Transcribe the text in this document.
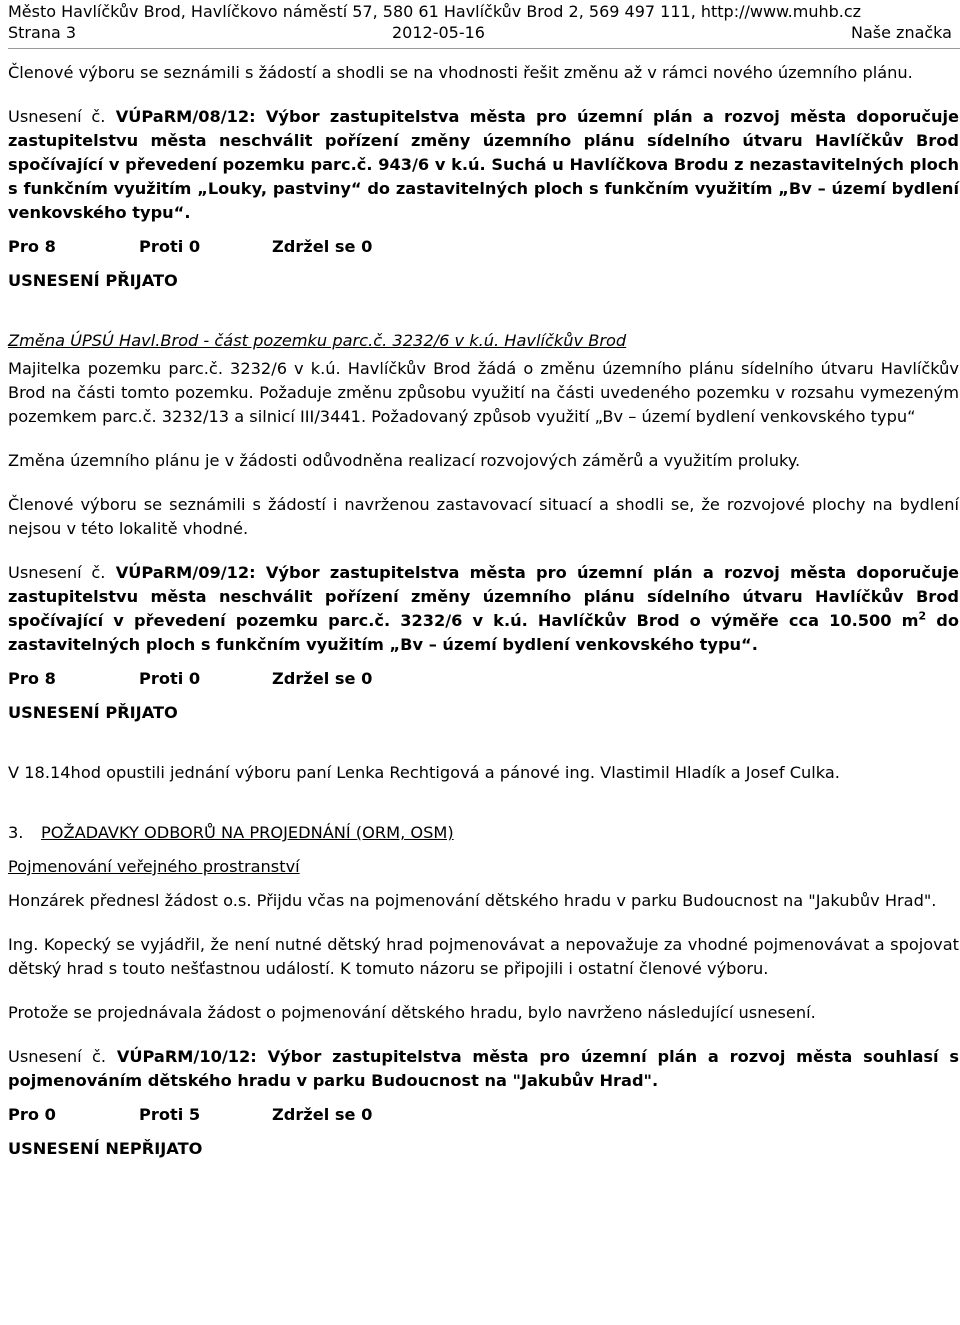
Město Havlíčkův Brod, Havlíčkovo náměstí 57, 580 61 Havlíčkův Brod 2, 569 497 111, http://www.muhb.cz
Strana 3	2012-05-16	Naše značka

Členové výboru se seznámili s žádostí a shodli se na vhodnosti řešit změnu až v rámci nového územního plánu.

Usnesení č. VÚPaRM/08/12: Výbor zastupitelstva města pro územní plán a rozvoj města doporučuje zastupitelstvu města neschválit pořízení změny územního plánu sídelního útvaru Havlíčkův Brod spočívající v převedení pozemku parc.č. 943/6 v k.ú. Suchá u Havlíčkova Brodu z nezastavitelných ploch s funkčním využitím „Louky, pastviny“ do zastavitelných ploch s funkčním využitím „Bv – území bydlení venkovského typu“.

Pro 8	Proti 0	Zdržel se 0
USNESENÍ PŘIJATO

Změna ÚPSÚ Havl.Brod - část pozemku parc.č. 3232/6 v k.ú. Havlíčkův Brod

Majitelka pozemku parc.č. 3232/6 v k.ú. Havlíčkův Brod žádá o změnu územního plánu sídelního útvaru Havlíčkův Brod na části tomto pozemku. Požaduje změnu způsobu využití na části uvedeného pozemku v rozsahu vymezeným pozemkem parc.č. 3232/13 a silnicí III/3441. Požadovaný způsob využití „Bv – území bydlení venkovského typu“

Změna územního plánu je v žádosti odůvodněna realizací rozvojových záměrů a využitím proluky.

Členové výboru se seznámili s žádostí i navrženou zastavovací situací a shodli se, že rozvojové plochy na bydlení nejsou v této lokalitě vhodné.

Usnesení č. VÚPaRM/09/12: Výbor zastupitelstva města pro územní plán a rozvoj města doporučuje zastupitelstvu města neschválit pořízení změny územního plánu sídelního útvaru Havlíčkův Brod spočívající v převedení pozemku parc.č. 3232/6 v k.ú. Havlíčkův Brod o výměře cca 10.500 $m^2$ do zastavitelných ploch s funkčním využitím „Bv – území bydlení venkovského typu“.

Pro 8	Proti 0	Zdržel se 0
USNESENÍ PŘIJATO

V 18.14hod opustili jednání výboru paní Lenka Rechtigová a pánové ing. Vlastimil Hladík a Josef Culka.

3. POŽADAVKY ODBORŮ NA PROJEDNÁNÍ (ORM, OSM)

Pojmenování veřejného prostranství

Honzárek přednesl žádost o.s. Přijdu včas na pojmenování dětského hradu v parku Budoucnost na "Jakubův Hrad".

Ing. Kopecký se vyjádřil, že není nutné dětský hrad pojmenovávat a nepovažuje za vhodné pojmenovávat a spojovat dětský hrad s touto nešťastnou událostí. K tomuto názoru se připojili i ostatní členové výboru.

Protože se projednávala žádost o pojmenování dětského hradu, bylo navrženo následující usnesení.

Usnesení č. VÚPaRM/10/12: Výbor zastupitelstva města pro územní plán a rozvoj města souhlasí s pojmenováním dětského hradu v parku Budoucnost na "Jakubův Hrad".

Pro 0	Proti 5	Zdržel se 0
USNESENÍ NEPŘIJATO
